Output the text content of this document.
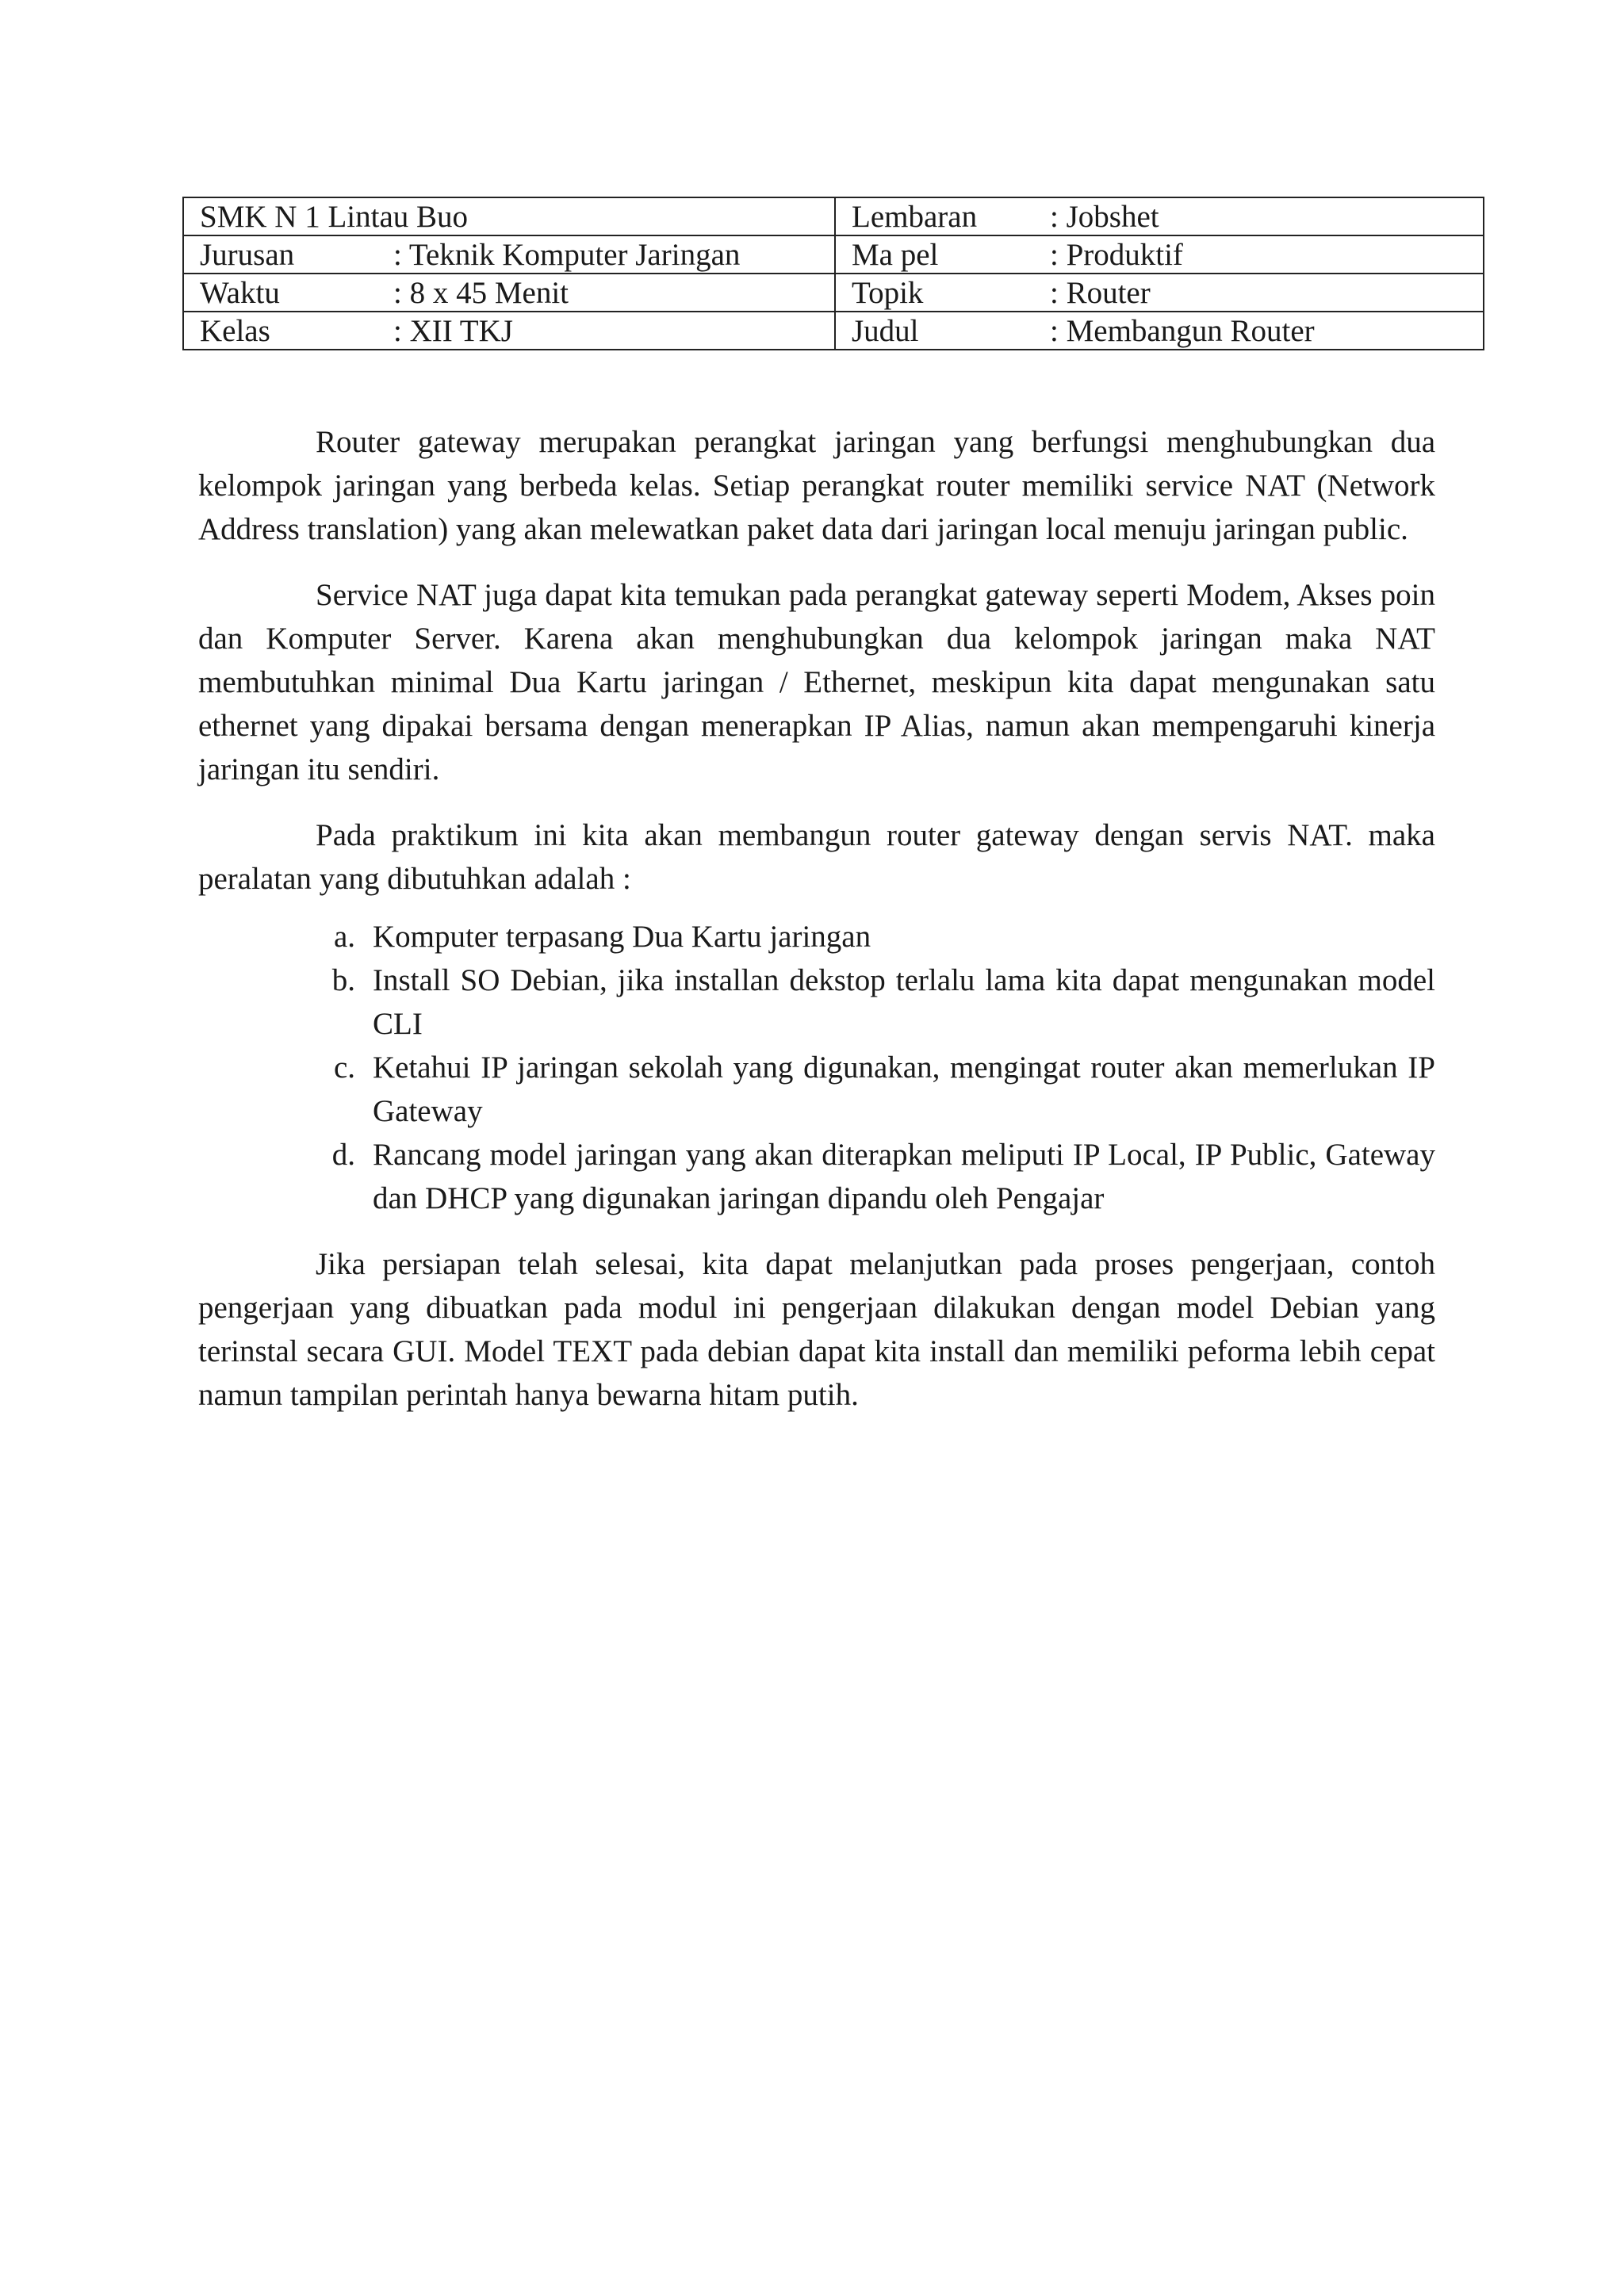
SMK N 1 Lintau Buo	Lembaran : Jobshet

Jurusan : Teknik Komputer Jaringan	Ma pel : Produktif

Waktu : 8 x 45 Menit	Topik : Router

Kelas : XII TKJ	Judul : Membangun Router

Router gateway merupakan perangkat jaringan yang berfungsi menghubungkan dua kelompok jaringan yang berbeda kelas. Setiap perangkat router memiliki service NAT (Network Address translation) yang akan melewatkan paket data dari jaringan local menuju jaringan public.

Service NAT juga dapat kita temukan pada perangkat gateway seperti Modem, Akses poin dan Komputer Server. Karena akan menghubungkan dua kelompok jaringan maka NAT membutuhkan minimal Dua Kartu jaringan / Ethernet, meskipun kita dapat mengunakan satu ethernet yang dipakai bersama dengan menerapkan IP Alias, namun akan mempengaruhi kinerja jaringan itu sendiri.

Pada praktikum ini kita akan membangun router gateway dengan servis NAT. maka peralatan yang dibutuhkan adalah :

a. Komputer terpasang Dua Kartu jaringan
b. Install SO Debian, jika installan dekstop terlalu lama kita dapat mengunakan model CLI
c. Ketahui IP jaringan sekolah yang digunakan, mengingat router akan memerlukan IP Gateway
d. Rancang model jaringan yang akan diterapkan meliputi IP Local, IP Public, Gateway dan DHCP yang digunakan jaringan dipandu oleh Pengajar

Jika persiapan telah selesai, kita dapat melanjutkan pada proses pengerjaan, contoh pengerjaan yang dibuatkan pada modul ini pengerjaan dilakukan dengan model Debian yang terinstal secara GUI. Model TEXT pada debian dapat kita install dan memiliki peforma lebih cepat namun tampilan perintah hanya bewarna hitam putih.
